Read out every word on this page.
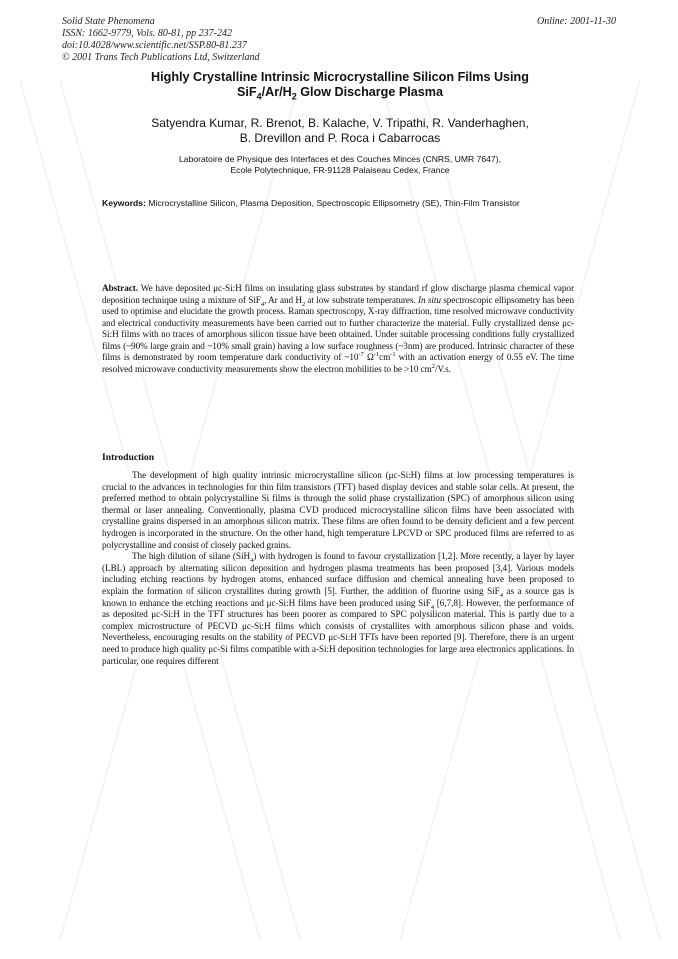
Solid State Phenomena
ISSN: 1662-9779, Vols. 80-81, pp 237-242
doi:10.4028/www.scientific.net/SSP.80-81.237
© 2001 Trans Tech Publications Ltd, Switzerland
Online: 2001-11-30
Highly Crystalline Intrinsic Microcrystalline Silicon Films Using
$SiF_4/Ar/H_2$ Glow Discharge Plasma
Satyendra Kumar, R. Brenot, B. Kalache, V. Tripathi, R. Vanderhaghen,
B. Drevillon and P. Roca i Cabarrocas
Laboratoire de Physique des Interfaces et des Couches Minces (CNRS, UMR 7647),
Ecole Polytechnique, FR-91128 Palaiseau Cedex, France
Keywords: Microcrystalline Silicon, Plasma Deposition, Spectroscopic Ellipsometry (SE), Thin-Film Transistor
Abstract. We have deposited μc-Si:H films on insulating glass substrates by standard rf glow discharge plasma chemical vapor deposition technique using a mixture of SiF$_4$, Ar and $H_2$ at low substrate temperatures. In situ spectroscopic ellipsometry has been used to optimise and elucidate the growth process. Raman spectroscopy, X-ray diffraction, time resolved microwave conductivity and electrical conductivity measurements have been carried out to further characterize the material. Fully crystallized dense μc-Si:H films with no traces of amorphous silicon tissue have been obtained. Under suitable processing conditions fully crystallized films (~90% large grain and ~10% small grain) having a low surface roughness (~3nm) are produced. Intrinsic character of these films is demonstrated by room temperature dark conductivity of $\sim 10^{-7}$ $\Omega^{-1}cm^{-1}$ with an activation energy of 0.55 eV. The time resolved microwave conductivity measurements show the electron mobilities to be >10 $cm^2/V.s$.
Introduction

The development of high quality intrinsic microcrystalline silicon (μc-Si:H) films at low processing temperatures is crucial to the advances in technologies for thin film transistors (TFT) based display devices and stable solar cells. At present, the preferred method to obtain polycrystalline Si films is through the solid phase crystallization (SPC) of amorphous silicon using thermal or laser annealing. Conventionally, plasma CVD produced microcrystalline silicon films have been associated with crystalline grains dispersed in an amorphous silicon matrix. These films are often found to be density deficient and a few percent hydrogen is incorporated in the structure. On the other hand, high temperature LPCVD or SPC produced films are referred to as polycrystalline and consist of closely packed grains.

The high dilution of silane (SiH$_4$) with hydrogen is found to favour crystallization [1,2]. More recently, a layer by layer (LBL) approach by alternating silicon deposition and hydrogen plasma treatments has been proposed [3,4]. Various models including etching reactions by hydrogen atoms, enhanced surface diffusion and chemical annealing have been proposed to explain the formation of silicon crystallites during growth [5]. Further, the addition of fluorine using SiF$_4$ as a source gas is known to enhance the etching reactions and μc-Si:H films have been produced using SiF$_4$ [6,7,8]. However, the performance of as deposited μc-Si:H in the TFT structures has been poorer as compared to SPC polysilicon material. This is partly due to a complex microstructure of PECVD μc-Si:H films which consists of crystallites with amorphous silicon phase and voids. Nevertheless, encouraging results on the stability of PECVD μc-Si:H TFTs have been reported [9]. Therefore, there is an urgent need to produce high quality μc-Si films compatible with a-Si:H deposition technologies for large area electronics applications. In particular, one requires different
